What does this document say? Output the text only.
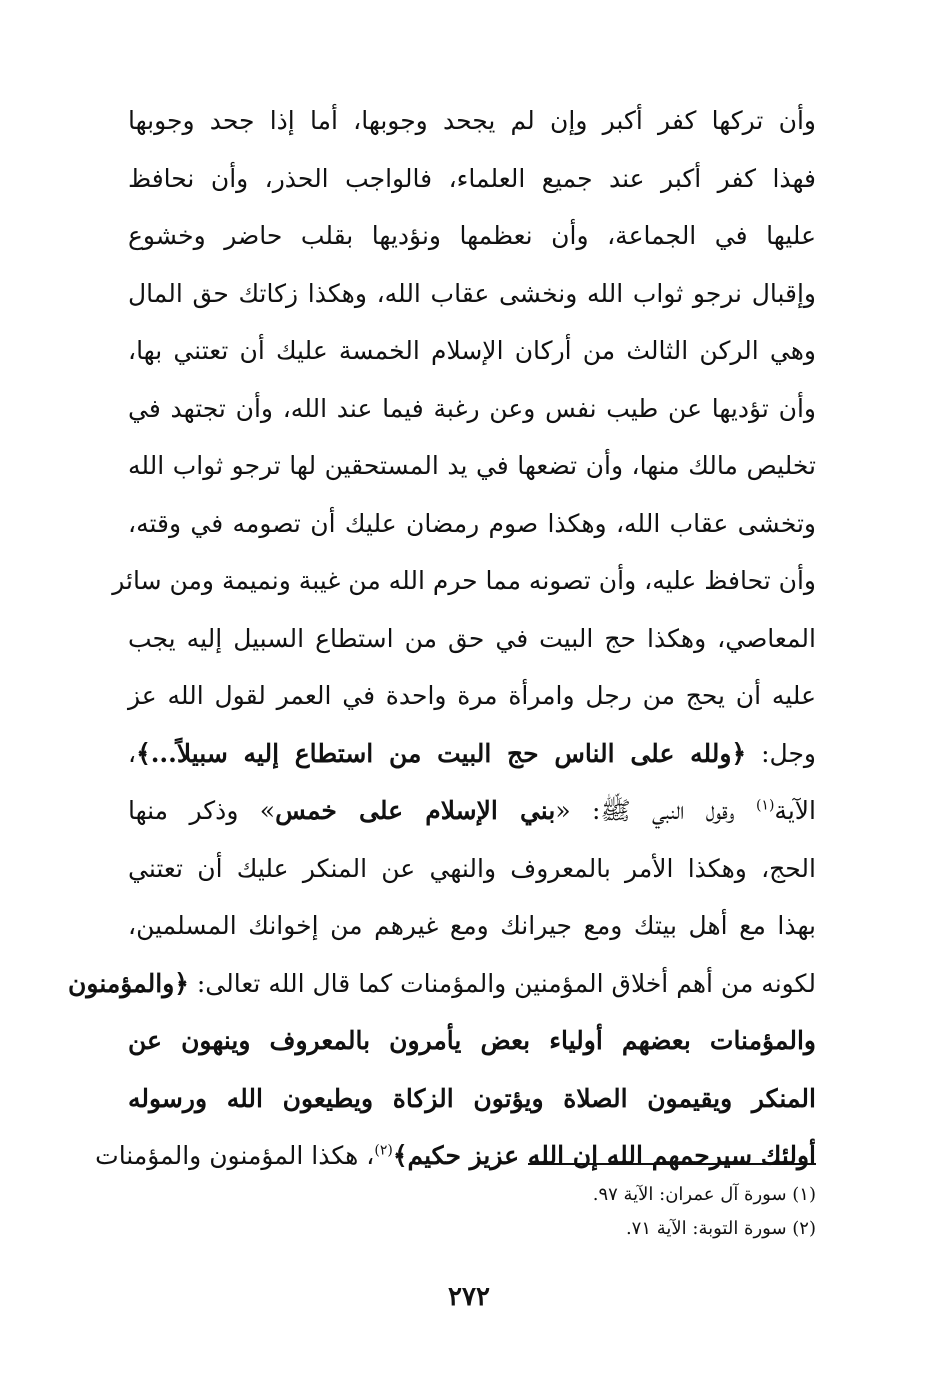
وأن تركها كفر أكبر وإن لم يجحد وجوبها، أما إذا جحد وجوبها
فهذا كفر أكبر عند جميع العلماء، فالواجب الحذر، وأن نحافظ
عليها في الجماعة، وأن نعظمها ونؤديها بقلب حاضر وخشوع
وإقبال نرجو ثواب الله ونخشى عقاب الله، وهكذا زكاتك حق المال
وهي الركن الثالث من أركان الإسلام الخمسة عليك أن تعتني بها،
وأن تؤديها عن طيب نفس وعن رغبة فيما عند الله، وأن تجتهد في
تخليص مالك منها، وأن تضعها في يد المستحقين لها ترجو ثواب الله
وتخشى عقاب الله، وهكذا صوم رمضان عليك أن تصومه في وقته،
وأن تحافظ عليه، وأن تصونه مما حرم الله من غيبة ونميمة ومن سائر
المعاصي، وهكذا حج البيت في حق من استطاع السبيل إليه يجب
عليه أن يحج من رجل وامرأة مرة واحدة في العمر لقول الله عز
وجل: ﴿ولله على الناس حج البيت من استطاع إليه سبيلاً...﴾،
الآية$^{(١)}$ وقول النبي ﷺ: «بني الإسلام على خمس» وذكر منها
الحج، وهكذا الأمر بالمعروف والنهي عن المنكر عليك أن تعتني
بهذا مع أهل بيتك ومع جيرانك ومع غيرهم من إخوانك المسلمين،
لكونه من أهم أخلاق المؤمنين والمؤمنات كما قال الله تعالى: ﴿والمؤمنون
والمؤمنات بعضهم أولياء بعض يأمرون بالمعروف وينهون عن
المنكر ويقيمون الصلاة ويؤتون الزكاة ويطيعون الله ورسوله
أولئك سيرحمهم الله إن الله عزيز حكيم﴾$^{(٢)}$، هكذا المؤمنون والمؤمنات
(١) سورة آل عمران: الآية ٩٧.
(٢) سورة التوبة: الآية ٧١.
٢٧٢
